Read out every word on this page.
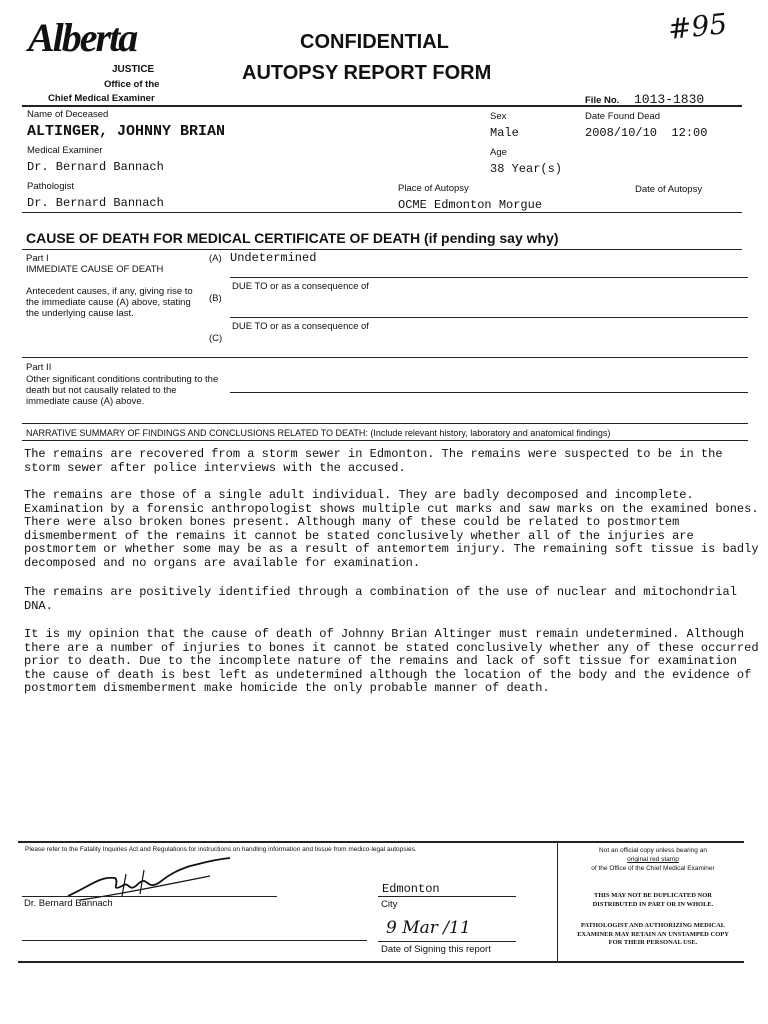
Alberta
JUSTICE
Office of the
Chief Medical Examiner
CONFIDENTIAL
AUTOPSY REPORT FORM
#95
File No. 1013-1830
Name of Deceased
ALTINGER, JOHNNY BRIAN
Sex
Male
Date Found Dead
2008/10/10  12:00
Medical Examiner
Dr. Bernard Bannach
Age
38 Year(s)
Pathologist
Dr. Bernard Bannach
Place of Autopsy
OCME Edmonton Morgue
Date of Autopsy
CAUSE OF DEATH FOR MEDICAL CERTIFICATE OF DEATH (if pending say why)
Part I
IMMEDIATE CAUSE OF DEATH
Antecedent causes, if any, giving rise to the immediate cause (A) above, stating the underlying cause last.
(A) Undetermined
DUE TO or as a consequence of
(B)
DUE TO or as a consequence of
(C)
Part II
Other significant conditions contributing to the death but not causally related to the immediate cause (A) above.
NARRATIVE SUMMARY OF FINDINGS AND CONCLUSIONS RELATED TO DEATH: (Include relevant history, laboratory and anatomical findings)

The remains are recovered from a storm sewer in Edmonton. The remains were suspected to be in the storm sewer after police interviews with the accused.

The remains are those of a single adult individual. They are badly decomposed and incomplete. Examination by a forensic anthropologist shows multiple cut marks and saw marks on the examined bones. There were also broken bones present. Although many of these could be related to postmortem dismemberment of the remains it cannot be stated conclusively whether all of the injuries are postmortem or whether some may be as a result of antemortem injury. The remaining soft tissue is badly decomposed and no organs are available for examination.

The remains are positively identified through a combination of the use of nuclear and mitochondrial DNA.

It is my opinion that the cause of death of Johnny Brian Altinger must remain undetermined. Although there are a number of injuries to bones it cannot be stated conclusively whether any of these occurred prior to death. Due to the incomplete nature of the remains and lack of soft tissue for examination the cause of death is best left as undetermined although the location of the body and the evidence of postmortem dismemberment make homicide the only probable manner of death.

Please refer to the Fatality Inquiries Act and Regulations for instructions on handling information and tissue from medico-legal autopsies.
Dr. Bernard Bannach
Edmonton
City
9 Mar /11
Date of Signing this report
Not an official copy unless bearing an
original red stamp
of the Office of the Chief Medical Examiner
THIS MAY NOT BE DUPLICATED NOR DISTRIBUTED IN PART OR IN WHOLE.
PATHOLOGIST AND AUTHORIZING MEDICAL EXAMINER MAY RETAIN AN UNSTAMPED COPY FOR THEIR PERSONAL USE.
